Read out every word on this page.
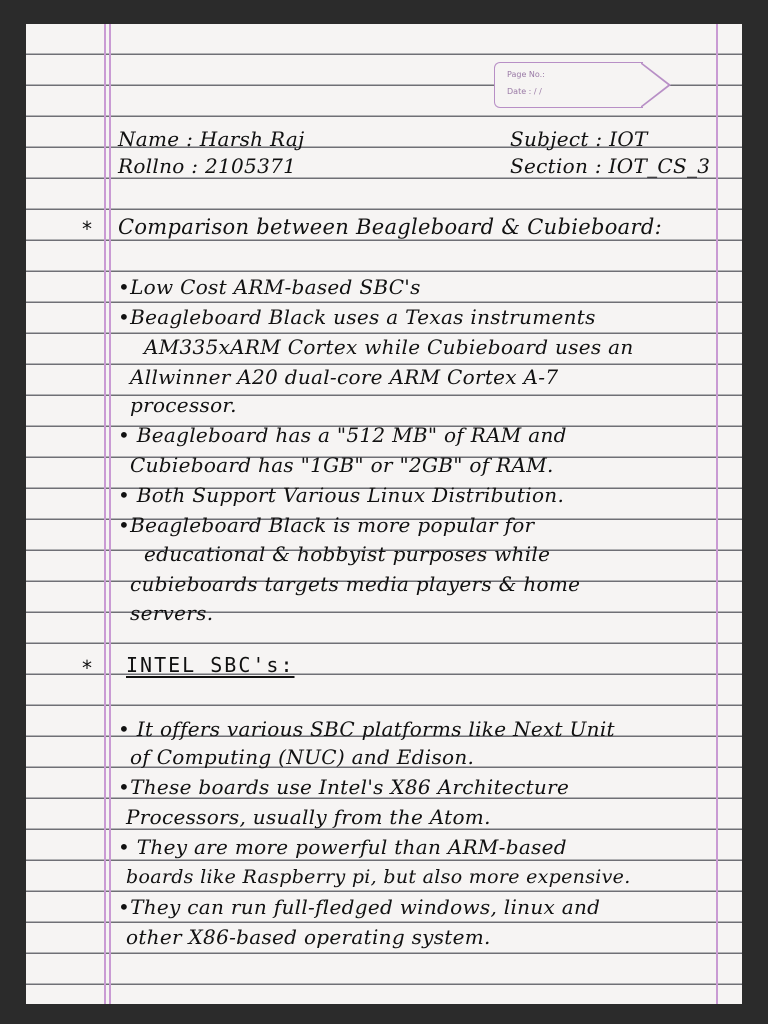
Page No.:
Date : / /
Name : Harsh Raj
Rollno : 2105371
Subject : IOT
Section : IOT_CS_3
* Comparison between Beagleboard & Cubieboard:
•Low Cost ARM-based SBC's
•Beagleboard Black uses a Texas instruments
AM335xARM Cortex while Cubieboard uses an
Allwinner A20 dual-core ARM Cortex A-7
processor.
• Beagleboard has a "512 MB" of RAM and
Cubieboard has "1GB" or "2GB" of RAM.
• Both Support Various Linux Distribution.
•Beagleboard Black is more popular for
educational & hobbyist purposes while
cubieboards targets media players & home
servers.
* INTEL SBC's:
• It offers various SBC platforms like Next Unit
of Computing (NUC) and Edison.
•These boards use Intel's X86 Architecture
Processors, usually from the Atom.
• They are more powerful than ARM-based
boards like Raspberry pi, but also more expensive.
•They can run full-fledged windows, linux and
other X86-based operating system.
